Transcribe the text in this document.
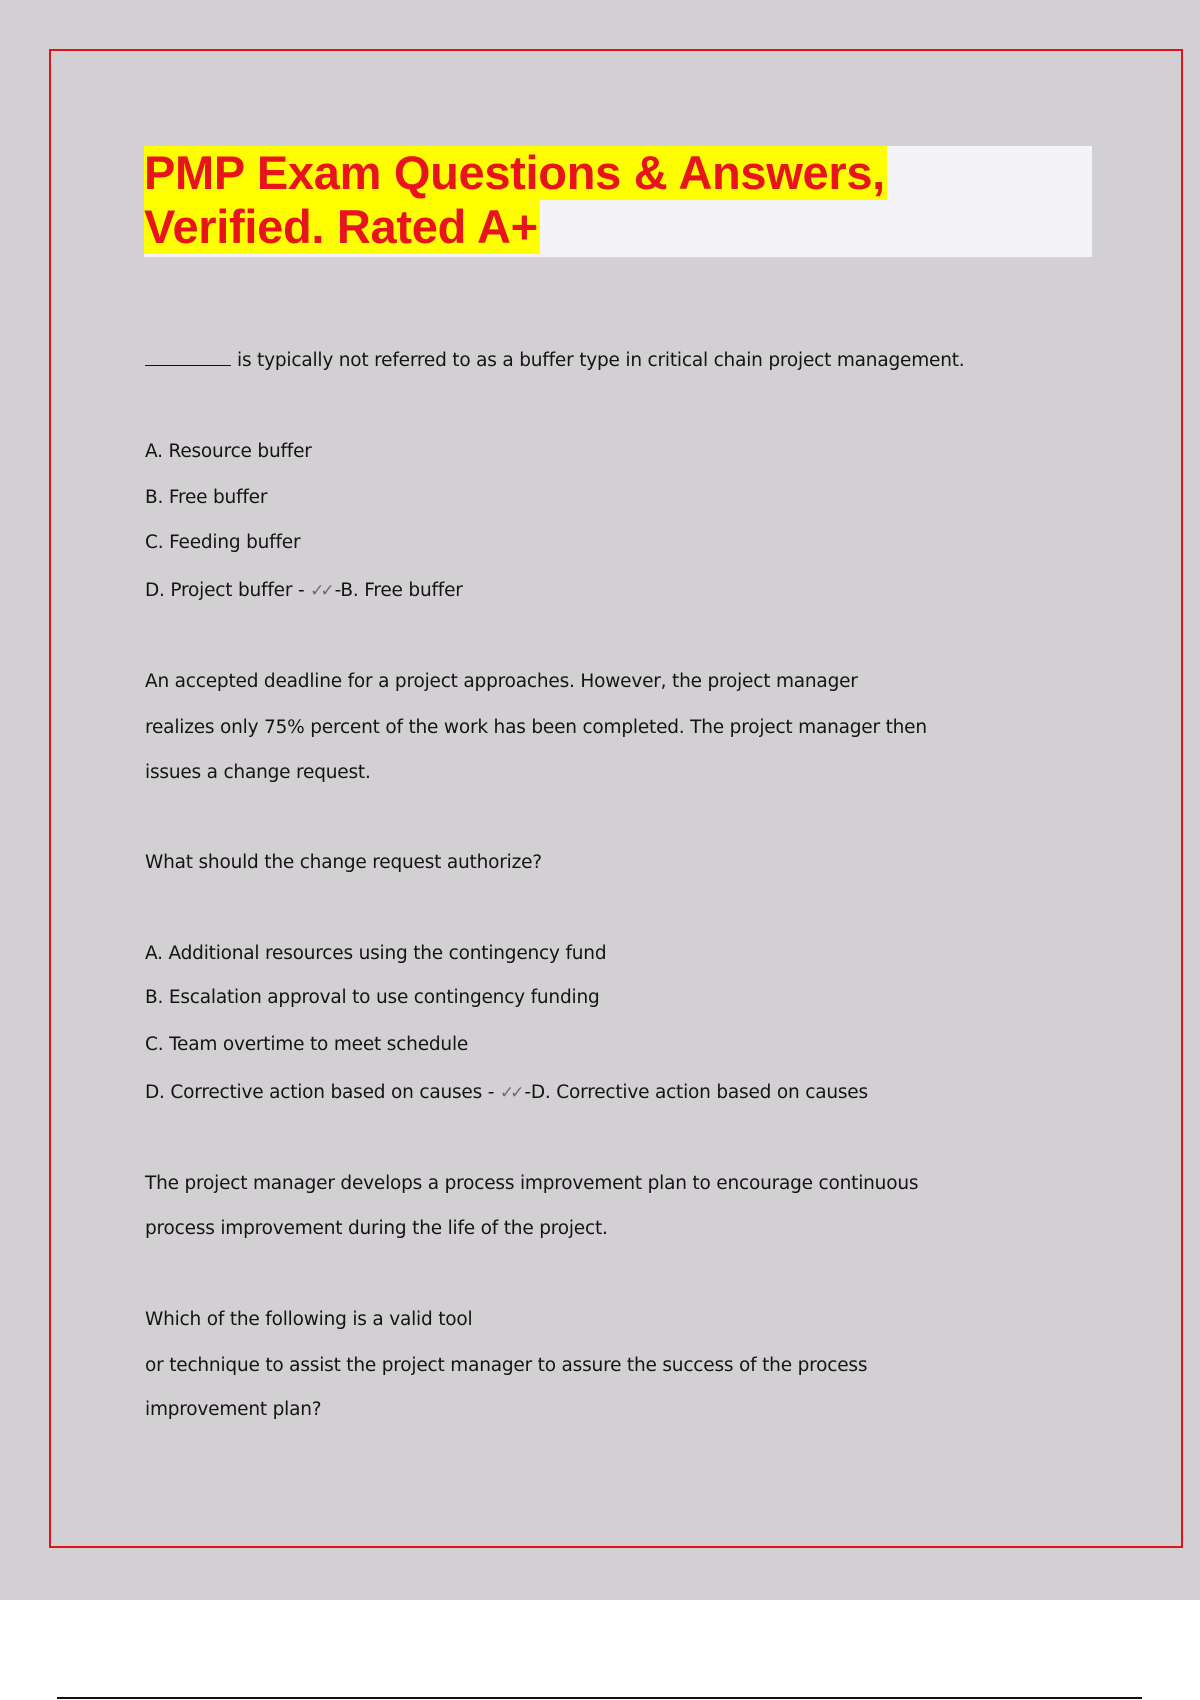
PMP Exam Questions & Answers,
Verified. Rated A+

is typically not referred to as a buffer type in critical chain project management.

A. Resource buffer

B. Free buffer

C. Feeding buffer

D. Project buffer - ✓✓ -B. Free buffer

An accepted deadline for a project approaches. However, the project manager

realizes only 75% percent of the work has been completed. The project manager then

issues a change request.

What should the change request authorize?

A. Additional resources using the contingency fund

B. Escalation approval to use contingency funding

C. Team overtime to meet schedule

D. Corrective action based on causes - ✓✓ -D. Corrective action based on causes

The project manager develops a process improvement plan to encourage continuous

process improvement during the life of the project.

Which of the following is a valid tool

or technique to assist the project manager to assure the success of the process

improvement plan?
